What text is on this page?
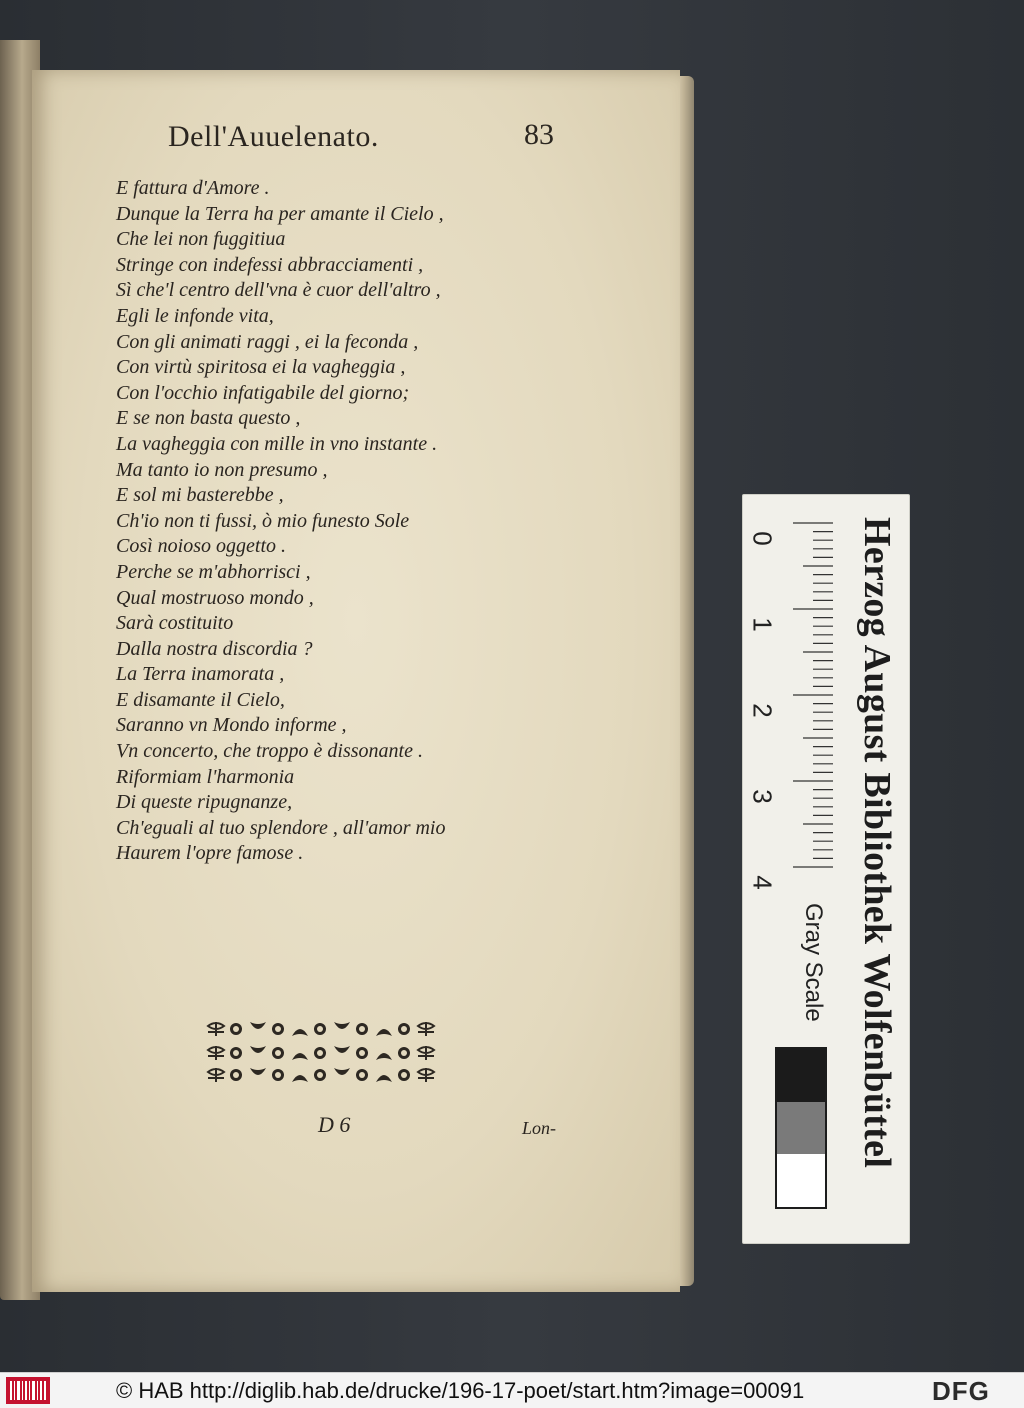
Dell'Auuelenato.	83
E fattura d'Amore .
Dunque la Terra ha per amante il Cielo ,
Che lei non fuggitiua
Stringe con indefessi abbracciamenti ,
Sì che'l centro dell'vna è cuor dell'altro ,
Egli le infonde vita,
Con gli animati raggi , ei la feconda ,
Con virtù spiritosa ei la vagheggia ,
Con l'occhio infatigabile del giorno;
E se non basta questo ,
La vagheggia con mille in vno instante .
Ma tanto io non presumo ,
E sol mi basterebbe ,
Ch'io non ti fussi, ò mio funesto Sole
Così noioso oggetto .
Perche se m'abhorrisci ,
Qual mostruoso mondo ,
Sarà costituito
Dalla nostra discordia ?
La Terra inamorata ,
E disamante il Cielo,
Saranno vn Mondo informe ,
Vn concerto, che troppo è dissonante .
Riformiam l'harmonia
Di queste ripugnanze,
Ch'eguali al tuo splendore , all'amor mio
Haurem l'opre famose .
D 6	Lon-
0
1
2
3
4	Herzog August Bibliothek Wolfenbüttel
Gray Scale
© HAB http://diglib.hab.de/drucke/196-17-poet/start.htm?image=00091	DFG
